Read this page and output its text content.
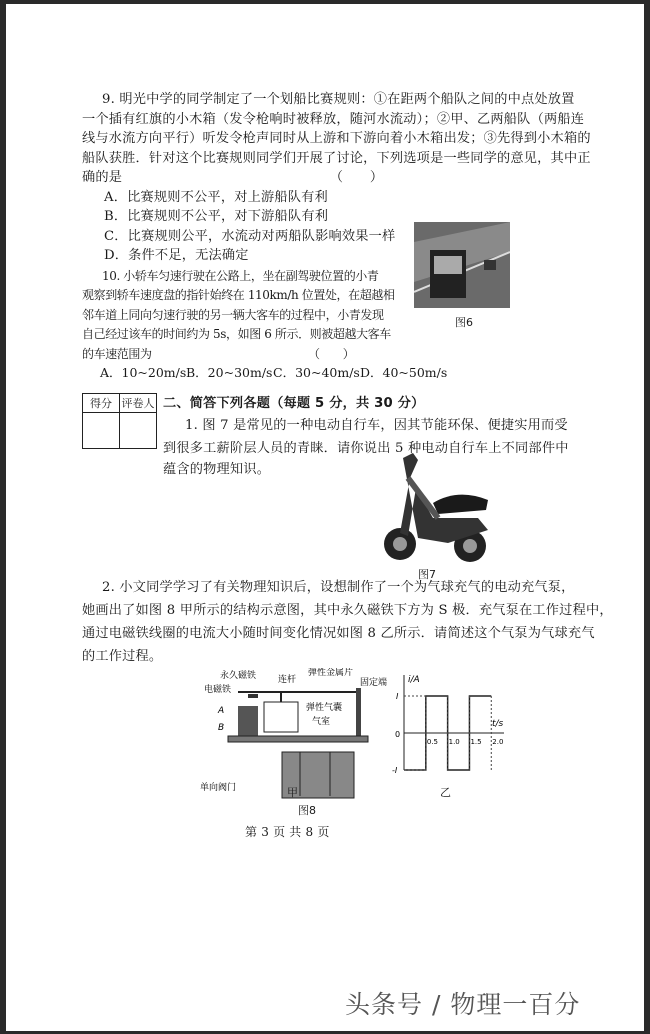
9. 明光中学的同学制定了一个划船比赛规则：①在距两个船队之间的中点处放置
一个插有红旗的小木箱（发令枪响时被释放，随河水流动）；②甲、乙两船队（两船连
线与水流方向平行）听发令枪声同时从上游和下游向着小木箱出发；③先得到小木箱的
船队获胜．针对这个比赛规则同学们开展了讨论，下列选项是一些同学的意见，其中正
确的是　　　　　　　　　　　　　　　　（　　）
A．比赛规则不公平，对上游船队有利
B．比赛规则不公平，对下游船队有利
C．比赛规则公平，水流动对两船队影响效果一样
D．条件不足，无法确定
图6
10. 小轿车匀速行驶在公路上，坐在副驾驶位置的小青
观察到轿车速度盘的指针始终在 110km/h 位置处，在超越相
邻车道上同向匀速行驶的另一辆大客车的过程中，小青发现
自己经过该车的时间约为 5s，如图 6 所示．则被超越大客车
的车速范围为　　　　　　　　　　　　　　（　　）
A．10~20m/s B．20~30m/s C．30~40m/s D．40~50m/s
得分	评卷人
	二、简答下列各题（每题 5 分，共 30 分）
1. 图 7 是常见的一种电动自行车，因其节能环保、便捷实用而受
到很多工薪阶层人员的青睐．请你说出 5 种电动自行车上不同部件中
蕴含的物理知识。
图7
2. 小文同学学习了有关物理知识后，设想制作了一个为气球充气的电动充气泵，
她画出了如图 8 甲所示的结构示意图，其中永久磁铁下方为 S 极．充气泵在工作过程中，
通过电磁铁线圈的电流大小随时间变化情况如图 8 乙所示．请简述这个气泵为气球充气
的工作过程。
永久磁铁 连杆
弹性金属片
固定端
电磁铁
A
B
弹性气囊
气室
单向阀门
i/A
t/s
0
0.5 1.0 1.5 2.0
I
-I
甲	乙
图8
第 3 页 共 8 页
头条号 / 物理一百分
